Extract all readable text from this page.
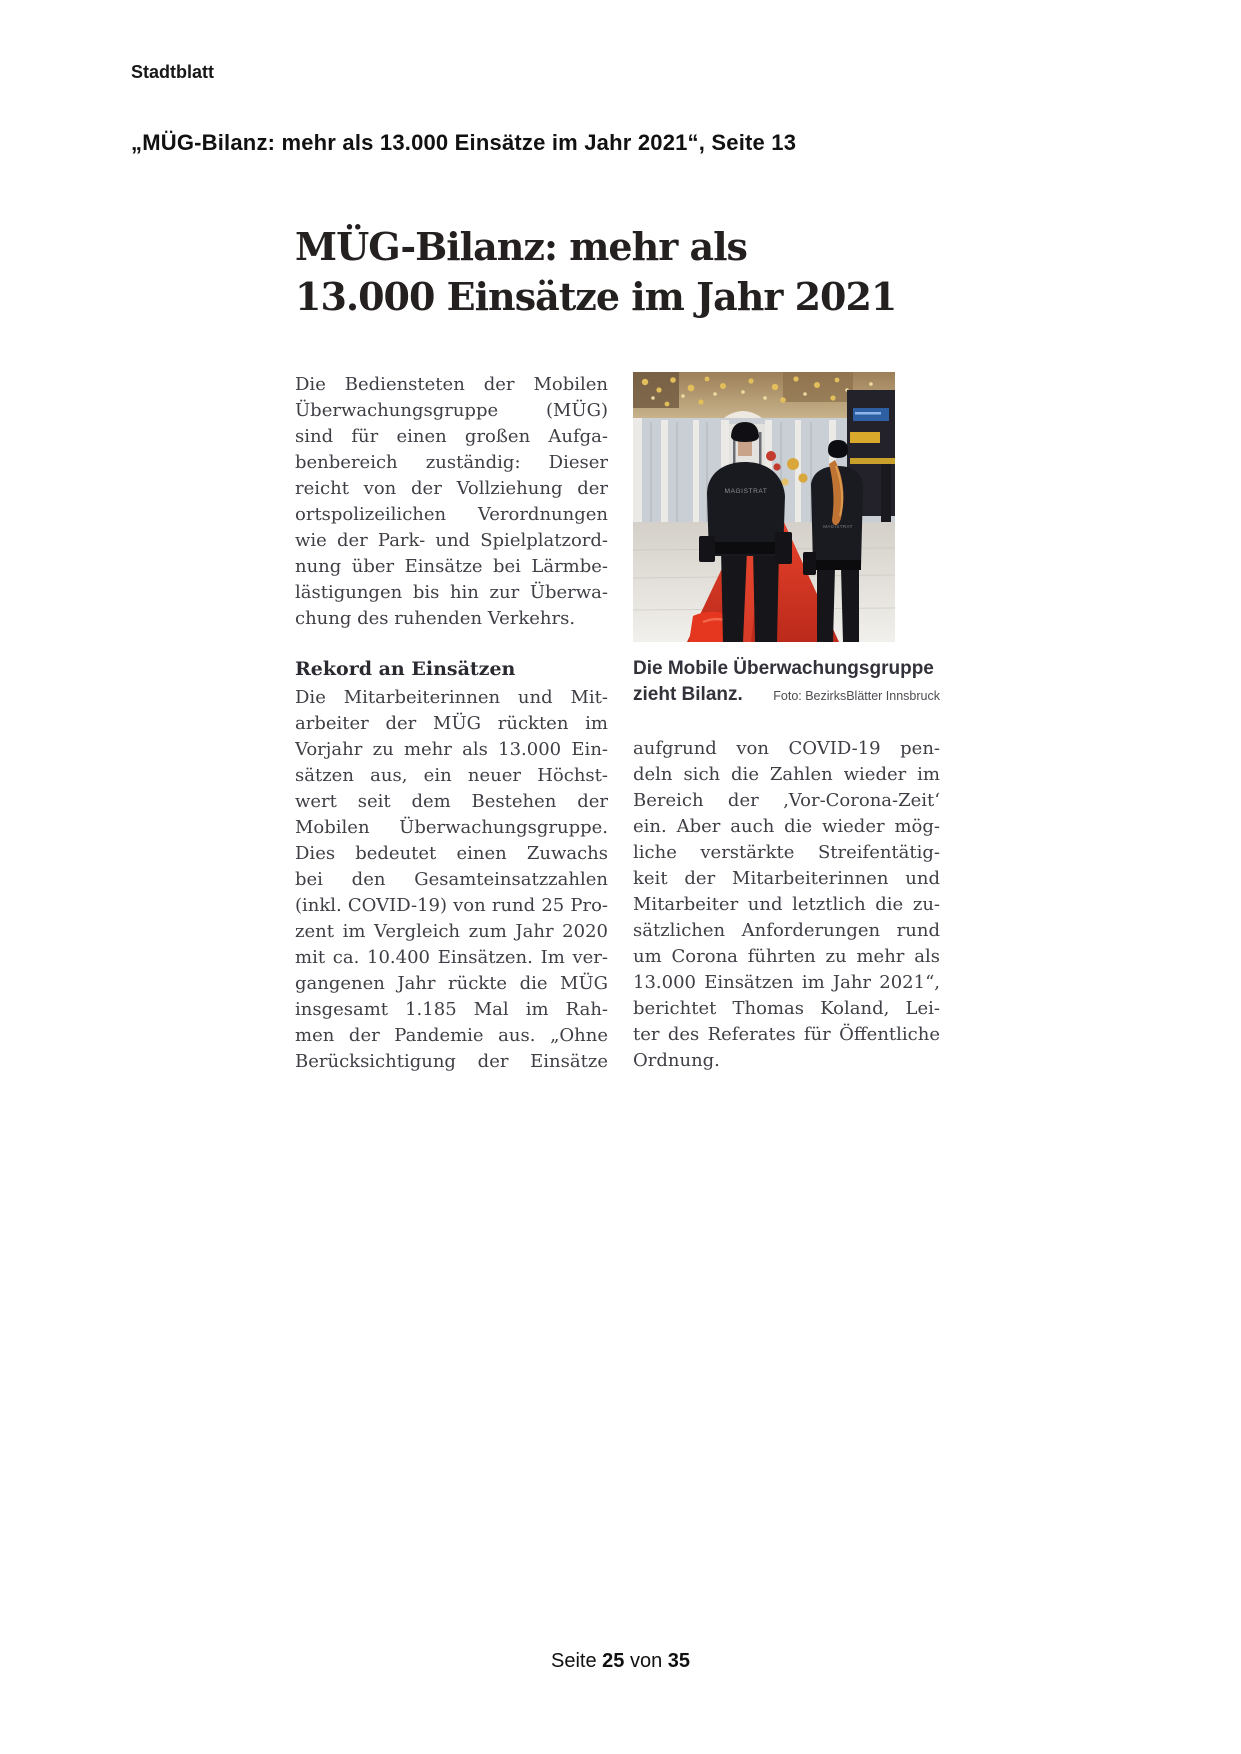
Stadtblatt
„MÜG-Bilanz: mehr als 13.000 Einsätze im Jahr 2021“, Seite 13
MÜG-Bilanz: mehr als
13.000 Einsätze im Jahr 2021
Die Bediensteten der Mobilen
Überwachungsgruppe (MÜG)
sind für einen großen Aufga-
benbereich zuständig: Dieser
reicht von der Vollziehung der
ortspolizeilichen Verordnungen
wie der Park- und Spielplatzord-
nung über Einsätze bei Lärmbe-
lästigungen bis hin zur Überwa-
chung des ruhenden Verkehrs.
Rekord an Einsätzen
Die Mitarbeiterinnen und Mit-
arbeiter der MÜG rückten im
Vorjahr zu mehr als 13.000 Ein-
sätzen aus, ein neuer Höchst-
wert seit dem Bestehen der
Mobilen Überwachungsgruppe.
Dies bedeutet einen Zuwachs
bei den Gesamteinsatzzahlen
(inkl. COVID-19) von rund 25 Pro-
zent im Vergleich zum Jahr 2020
mit ca. 10.400 Einsätzen. Im ver-
gangenen Jahr rückte die MÜG
insgesamt 1.185 Mal im Rah-
men der Pandemie aus. „Ohne
Berücksichtigung der Einsätze
MAGISTRAT
MAGISTRAT
Die Mobile Überwachungsgruppe
zieht Bilanz. Foto: BezirksBlätter Innsbruck
aufgrund von COVID-19 pen-
deln sich die Zahlen wieder im
Bereich der ‚Vor-Corona-Zeit‘
ein. Aber auch die wieder mög-
liche verstärkte Streifentätig-
keit der Mitarbeiterinnen und
Mitarbeiter und letztlich die zu-
sätzlichen Anforderungen rund
um Corona führten zu mehr als
13.000 Einsätzen im Jahr 2021“,
berichtet Thomas Koland, Lei-
ter des Referates für Öffentliche
Ordnung.
Seite 25 von 35
